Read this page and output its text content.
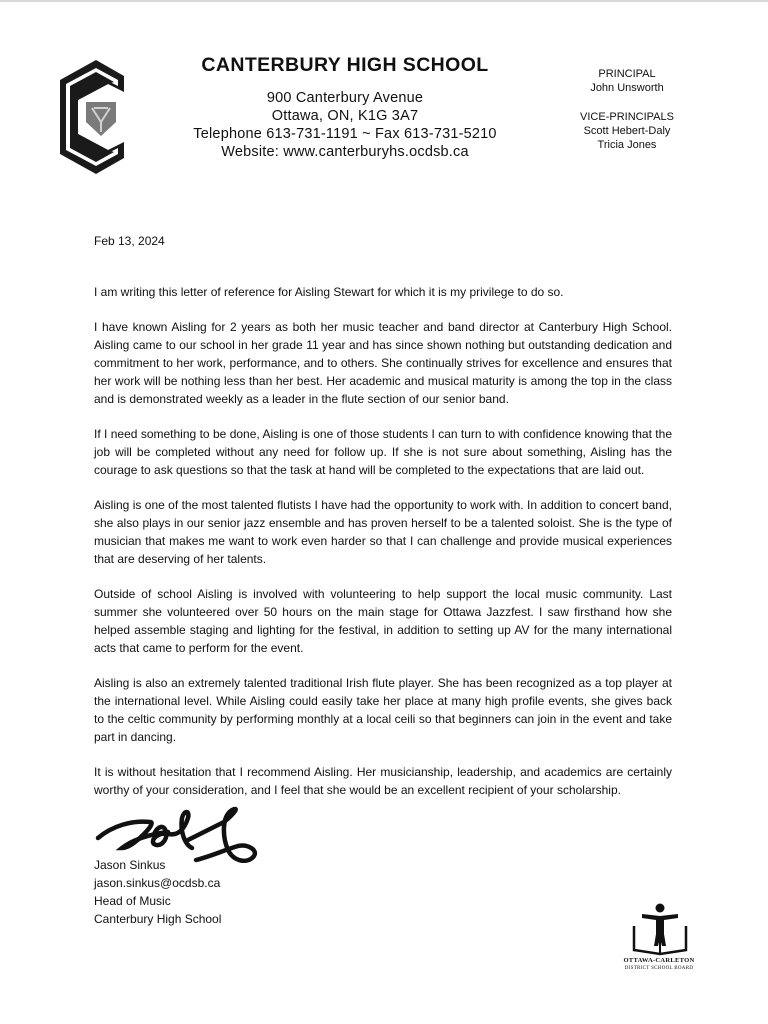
CANTERBURY HIGH SCHOOL
900 Canterbury Avenue
Ottawa, ON, K1G 3A7
Telephone 613-731-1191 ~ Fax 613-731-5210
Website: www.canterburyhs.ocdsb.ca
PRINCIPAL
John Unsworth
VICE-PRINCIPALS
Scott Hebert-Daly
Tricia Jones
Feb 13, 2024

I am writing this letter of reference for Aisling Stewart for which it is my privilege to do so.

I have known Aisling for 2 years as both her music teacher and band director at Canterbury High School. Aisling came to our school in her grade 11 year and has since shown nothing but outstanding dedication and commitment to her work, performance, and to others. She continually strives for excellence and ensures that her work will be nothing less than her best. Her academic and musical maturity is among the top in the class and is demonstrated weekly as a leader in the flute section of our senior band.

If I need something to be done, Aisling is one of those students I can turn to with confidence knowing that the job will be completed without any need for follow up. If she is not sure about something, Aisling has the courage to ask questions so that the task at hand will be completed to the expectations that are laid out.

Aisling is one of the most talented flutists I have had the opportunity to work with. In addition to concert band, she also plays in our senior jazz ensemble and has proven herself to be a talented soloist. She is the type of musician that makes me want to work even harder so that I can challenge and provide musical experiences that are deserving of her talents.

Outside of school Aisling is involved with volunteering to help support the local music community. Last summer she volunteered over 50 hours on the main stage for Ottawa Jazzfest. I saw firsthand how she helped assemble staging and lighting for the festival, in addition to setting up AV for the many international acts that came to perform for the event.

Aisling is also an extremely talented traditional Irish flute player. She has been recognized as a top player at the international level. While Aisling could easily take her place at many high profile events, she gives back to the celtic community by performing monthly at a local ceili so that beginners can join in the event and take part in dancing.

It is without hesitation that I recommend Aisling. Her musicianship, leadership, and academics are certainly worthy of your consideration, and I feel that she would be an excellent recipient of your scholarship.

Jason Sinkus
jason.sinkus@ocdsb.ca
Head of Music
Canterbury High School
OTTAWA-CARLETON
DISTRICT SCHOOL BOARD
